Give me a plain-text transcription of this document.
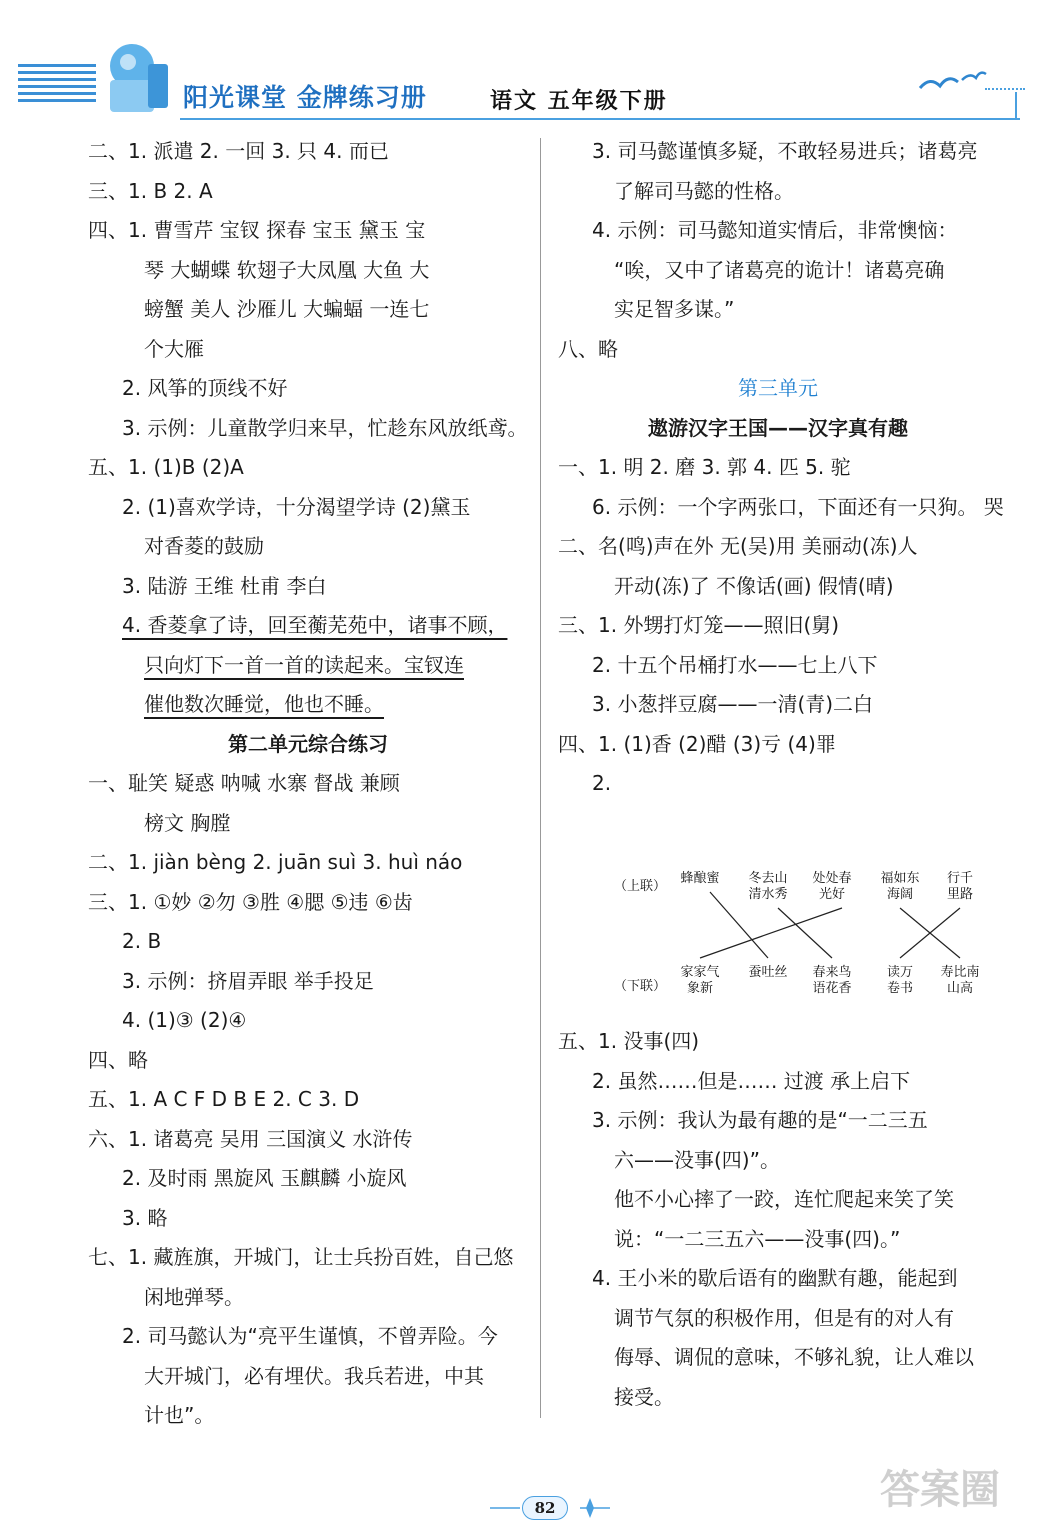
阳光课堂 金牌练习册	语文 五年级下册
二、1. 派遣 2. 一回 3. 只 4. 而已
三、1. B 2. A
四、1. 曹雪芹 宝钗 探春 宝玉 黛玉 宝
琴 大蝴蝶 软翅子大凤凰 大鱼 大
螃蟹 美人 沙雁儿 大蝙蝠 一连七
个大雁
2. 风筝的顶线不好
3. 示例：儿童散学归来早，忙趁东风放纸鸢。
五、1. (1)B (2)A
2. (1)喜欢学诗，十分渴望学诗 (2)黛玉
对香菱的鼓励
3. 陆游 王维 杜甫 李白
4. 香菱拿了诗，回至蘅芜苑中，诸事不顾，
只向灯下一首一首的读起来。宝钗连
催他数次睡觉，他也不睡。
第二单元综合练习
一、耻笑 疑惑 呐喊 水寨 督战 兼顾
榜文 胸膛
二、1. jiàn bèng 2. juān suì 3. huì náo
三、1. ①妙 ②勿 ③胜 ④腮 ⑤违 ⑥齿
2. B
3. 示例：挤眉弄眼 举手投足
4. (1)③ (2)④
四、略
五、1. A C F D B E 2. C 3. D
六、1. 诸葛亮 吴用 三国演义 水浒传
2. 及时雨 黑旋风 玉麒麟 小旋风
3. 略
七、1. 藏旌旗，开城门，让士兵扮百姓，自己悠
闲地弹琴。
2. 司马懿认为“亮平生谨慎，不曾弄险。今
大开城门，必有埋伏。我兵若进，中其
计也”。
3. 司马懿谨慎多疑，不敢轻易进兵；诸葛亮
了解司马懿的性格。
4. 示例：司马懿知道实情后，非常懊恼：
“唉，又中了诸葛亮的诡计！诸葛亮确
实足智多谋。”
八、略
第三单元
遨游汉字王国——汉字真有趣
一、1. 明 2. 磨 3. 郭 4. 匹 5. 驼
6. 示例：一个字两张口，下面还有一只狗。 哭
二、名(鸣)声在外 无(吴)用 美丽动(冻)人
开动(冻)了 不像话(画) 假情(晴)
三、1. 外甥打灯笼——照旧(舅)
2. 十五个吊桶打水——七上八下
3. 小葱拌豆腐——一清(青)二白
四、1. (1)香 (2)醋 (3)亏 (4)罪
2.
（上联）
（下联）
蜂酿蜜 冬去山清水秀
处处春光好
福如东海阔
行千里路
家家气象新
蚕吐丝 春来鸟语花香
读万卷书
寿比南山高
五、1. 没事(四)
2. 虽然……但是…… 过渡 承上启下
3. 示例：我认为最有趣的是“一二三五
六——没事(四)”。
他不小心摔了一跤，连忙爬起来笑了笑
说：“一二三五六——没事(四)。”
4. 王小米的歇后语有的幽默有趣，能起到
调节气氛的积极作用，但是有的对人有
侮辱、调侃的意味，不够礼貌，让人难以
接受。
82	答案圈
